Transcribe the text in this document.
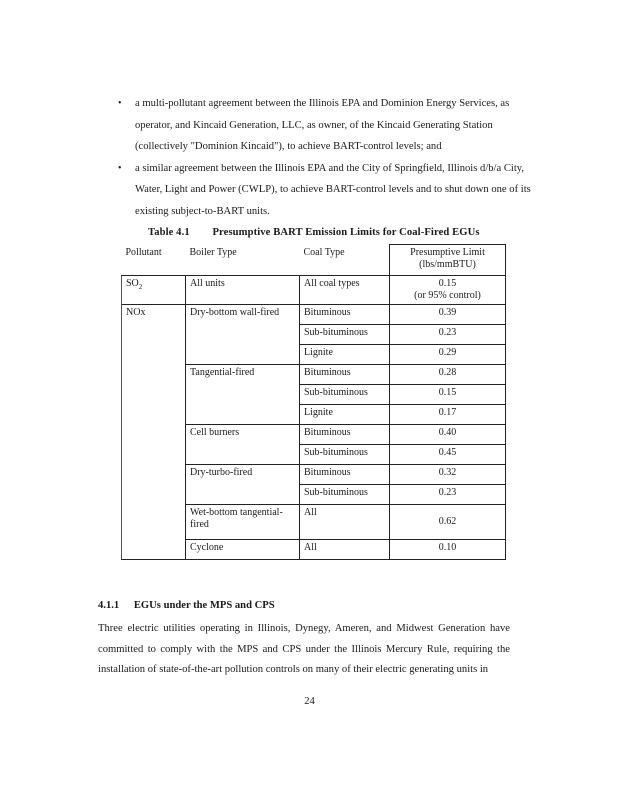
• a multi-pollutant agreement between the Illinois EPA and Dominion Energy Services, as operator, and Kincaid Generation, LLC, as owner, of the Kincaid Generating Station (collectively "Dominion Kincaid"), to achieve BART-control levels; and
• a similar agreement between the Illinois EPA and the City of Springfield, Illinois d/b/a City, Water, Light and Power (CWLP), to achieve BART-control levels and to shut down one of its existing subject-to-BART units.
Table 4.1 Presumptive BART Emission Limits for Coal-Fired EGUs
Pollutant	Boiler Type	Coal Type	Presumptive Limit
(lbs/mmBTU)
$SO_2$	All units	All coal types	0.15
(or 95% control)
NOx	Dry-bottom wall-fired	Bituminous	0.39
		Sub-bituminous	0.23
		Lignite	0.29
	Tangential-fired	Bituminous	0.28
		Sub-bituminous	0.15
		Lignite	0.17
	Cell burners	Bituminous	0.40
		Sub-bituminous	0.45
	Dry-turbo-fired	Bituminous	0.32
		Sub-bituminous	0.23
	Wet-bottom tangential-fired	All	0.62
	Cyclone	All	0.10
4.1.1 EGUs under the MPS and CPS
Three electric utilities operating in Illinois, Dynegy, Ameren, and Midwest Generation have committed to comply with the MPS and CPS under the Illinois Mercury Rule, requiring the installation of state-of-the-art pollution controls on many of their electric generating units in
24
